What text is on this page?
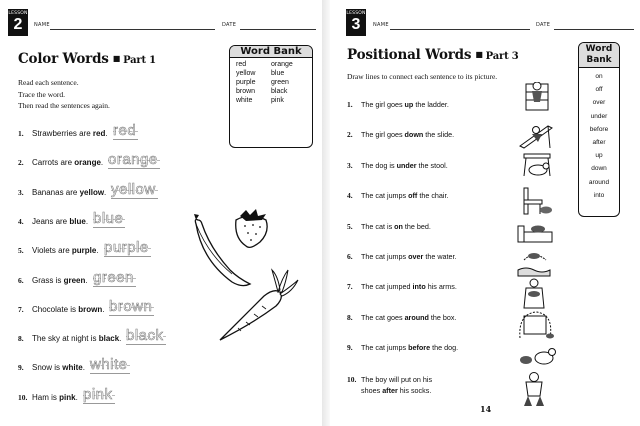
LESSON
2	NAME	DATE
Color Words ■ Part 1
Read each sentence.
Trace the word.
Then read the sentences again.
1. Strawberries are red.
2. Carrots are orange.
3. Bananas are yellow.
4. Jeans are blue.
5. Violets are purple.
6. Grass is green.
7. Chocolate is brown.
8. The sky at night is black.
9. Snow is white.
10. Ham is pink.
Word Bank
red	orange
yellow	blue
purple	green
brown	black
white	pink
red
orange
yellow
blue
purple
green
brown
black
white
pink
LESSON
3	NAME	DATE
Positional Words ■ Part 3
Draw lines to connect each sentence to its picture.
1. The girl goes up the ladder.
2. The girl goes down the slide.
3. The dog is under the stool.
4. The cat jumps off the chair.
5. The cat is on the bed.
6. The cat jumps over the water.
7. The cat jumped into his arms.
8. The cat goes around the box.
9. The cat jumps before the dog.
10. The boy will put on his
shoes after his socks.
Word
Bank
on
off
over
under
before
after
up
down
around
into
14
